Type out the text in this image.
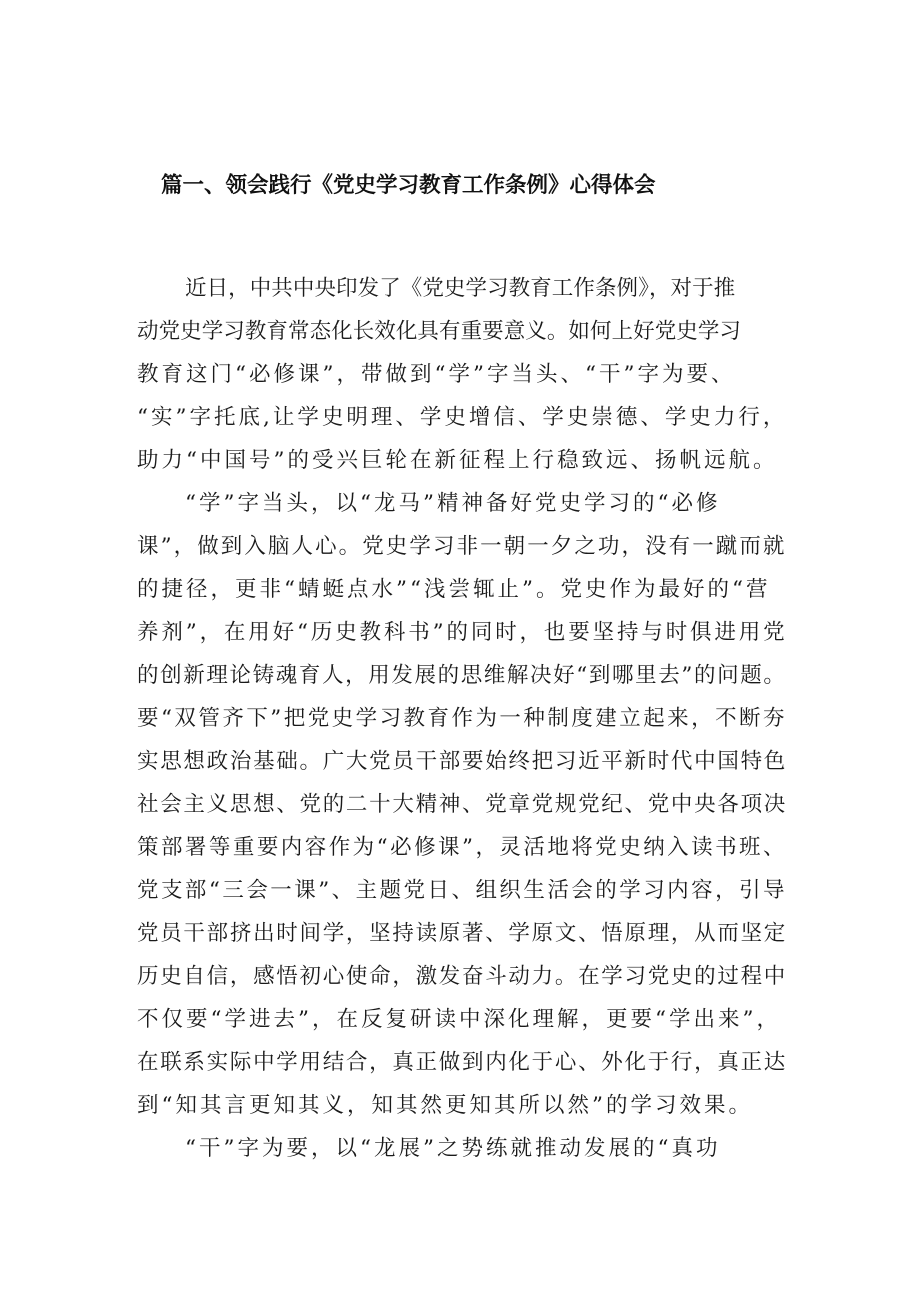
篇一、领会践行《党史学习教育工作条例》心得体会
近日，中共中央印发了《党史学习教育工作条例》，对于推
动党史学习教育常态化长效化具有重要意义。如何上好党史学习
教育这门“必修课”，带做到“学”字当头、“干”字为要、
“实”字托底,让学史明理、学史增信、学史崇德、学史力行，
助力“中国号”的受兴巨轮在新征程上行稳致远、扬帆远航。
“学”字当头，以“龙马”精神备好党史学习的“必修
课”，做到入脑人心。党史学习非一朝一夕之功，没有一蹴而就
的捷径，更非“蜻蜓点水”“浅尝辄止”。党史作为最好的“营
养剂”，在用好“历史教科书”的同时，也要坚持与时俱进用党
的创新理论铸魂育人，用发展的思维解决好“到哪里去”的问题。
要“双管齐下”把党史学习教育作为一种制度建立起来，不断夯
实思想政治基础。广大党员干部要始终把习近平新时代中国特色
社会主义思想、党的二十大精神、党章党规党纪、党中央各项决
策部署等重要内容作为“必修课”，灵活地将党史纳入读书班、
党支部“三会一课”、主题党日、组织生活会的学习内容，引导
党员干部挤出时间学，坚持读原著、学原文、悟原理，从而坚定
历史自信，感悟初心使命，激发奋斗动力。在学习党史的过程中
不仅要“学进去”，在反复研读中深化理解，更要“学出来”，
在联系实际中学用结合，真正做到内化于心、外化于行，真正达
到“知其言更知其义，知其然更知其所以然”的学习效果。
“干”字为要，以“龙展”之势练就推动发展的“真功
